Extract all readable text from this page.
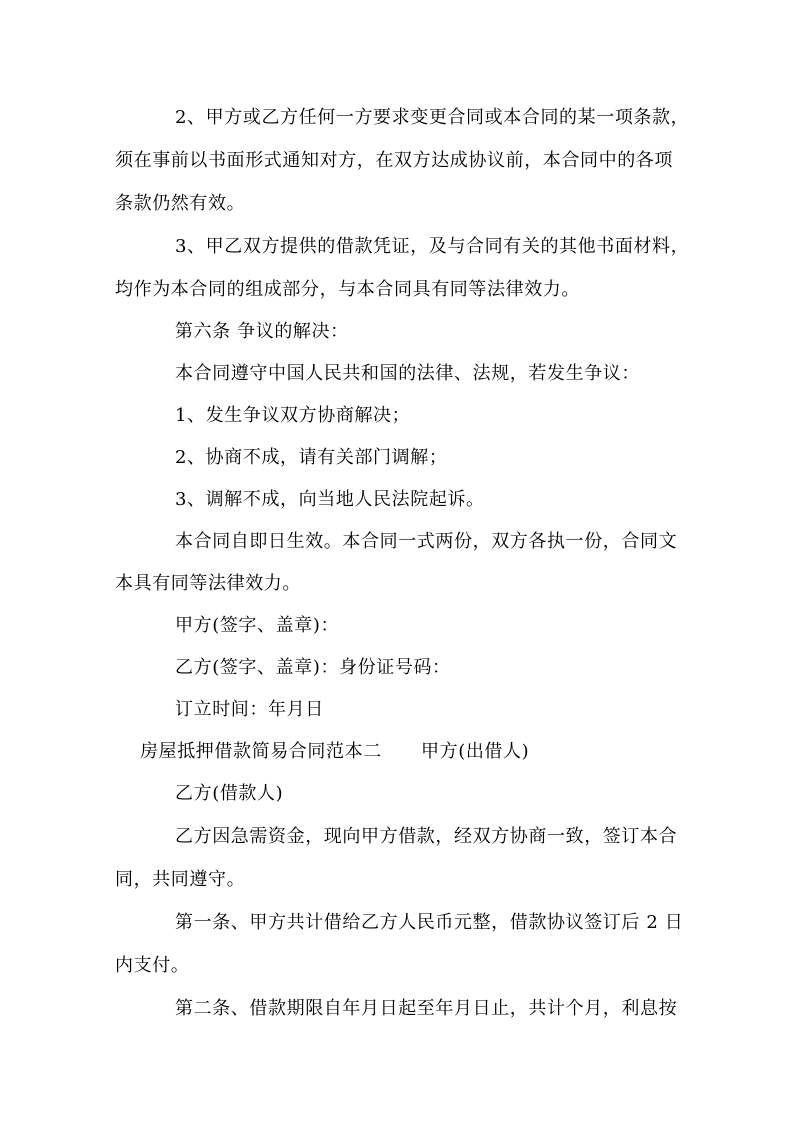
2、甲方或乙方任何一方要求变更合同或本合同的某一项条款，
须在事前以书面形式通知对方，在双方达成协议前，本合同中的各项
条款仍然有效。
3、甲乙双方提供的借款凭证，及与合同有关的其他书面材料，
均作为本合同的组成部分，与本合同具有同等法律效力。
第六条 争议的解决：
本合同遵守中国人民共和国的法律、法规，若发生争议：
1、发生争议双方协商解决；
2、协商不成，请有关部门调解；
3、调解不成，向当地人民法院起诉。
本合同自即日生效。本合同一式两份，双方各执一份，合同文
本具有同等法律效力。
甲方(签字、盖章)：
乙方(签字、盖章)：身份证号码：
订立时间：年月日
房屋抵押借款简易合同范本二 甲方(出借人)
乙方(借款人)
乙方因急需资金，现向甲方借款，经双方协商一致，签订本合
同，共同遵守。
第一条、甲方共计借给乙方人民币元整，借款协议签订后 2 日
内支付。
第二条、借款期限自年月日起至年月日止，共计个月，利息按
